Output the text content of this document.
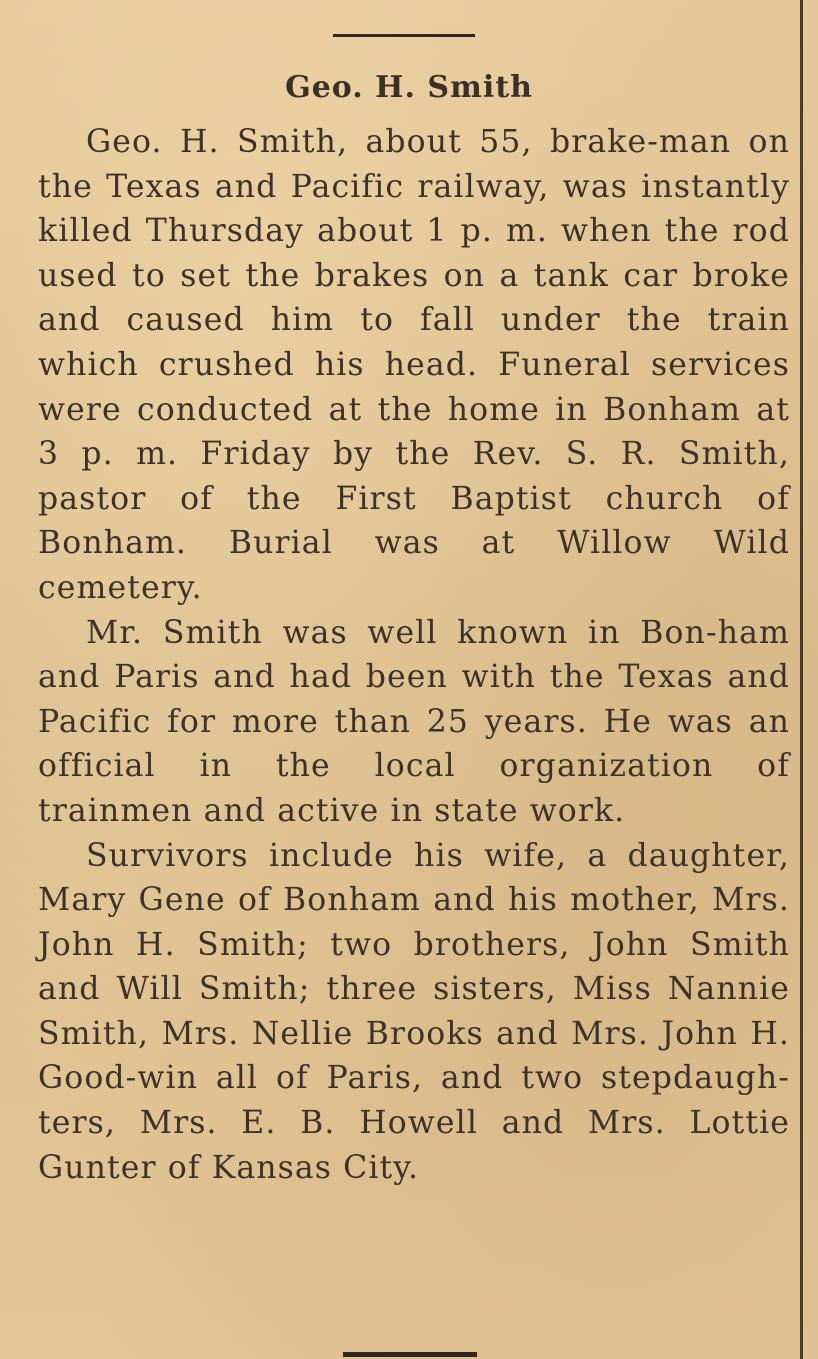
Geo. H. Smith

Geo. H. Smith, about 55, brake-man on the Texas and Pacific railway, was instantly killed Thursday about 1 p. m. when the rod used to set the brakes on a tank car broke and caused him to fall under the train which crushed his head. Funeral services were conducted at the home in Bonham at 3 p. m. Friday by the Rev. S. R. Smith, pastor of the First Baptist church of Bonham. Burial was at Willow Wild cemetery.

Mr. Smith was well known in Bon-ham and Paris and had been with the Texas and Pacific for more than 25 years. He was an official in the local organization of trainmen and active in state work.

Survivors include his wife, a daughter, Mary Gene of Bonham and his mother, Mrs. John H. Smith; two brothers, John Smith and Will Smith; three sisters, Miss Nannie Smith, Mrs. Nellie Brooks and Mrs. John H. Good-win all of Paris, and two stepdaugh-ters, Mrs. E. B. Howell and Mrs. Lottie Gunter of Kansas City.
